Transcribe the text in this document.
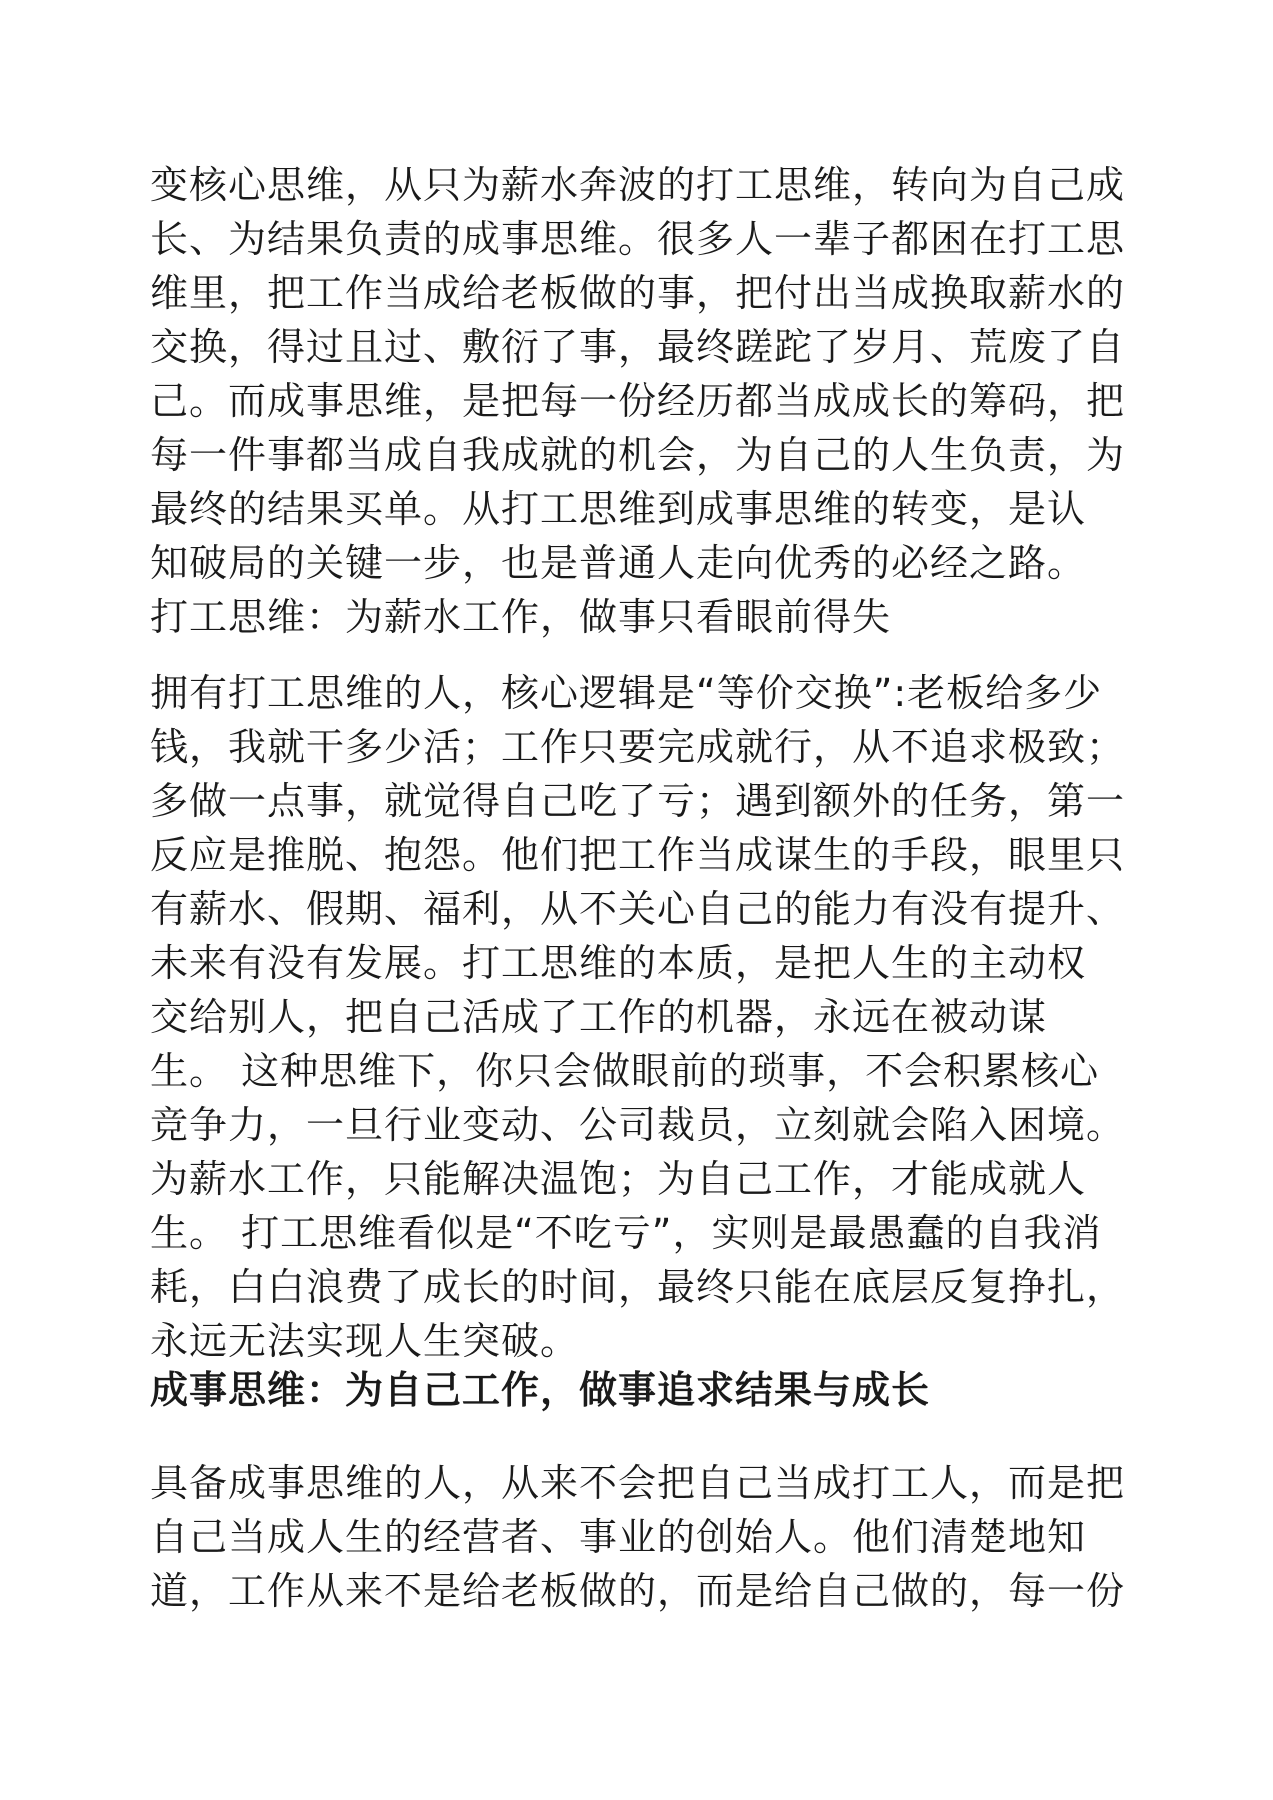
变核心思维，从只为薪水奔波的打工思维，转向为自己成
长、为结果负责的成事思维。很多人一辈子都困在打工思
维里，把工作当成给老板做的事，把付出当成换取薪水的
交换，得过且过、敷衍了事，最终蹉跎了岁月、荒废了自
己。而成事思维，是把每一份经历都当成成长的筹码，把
每一件事都当成自我成就的机会，为自己的人生负责，为
最终的结果买单。从打工思维到成事思维的转变，是认
知破局的关键一步，也是普通人走向优秀的必经之路。
打工思维：为薪水工作，做事只看眼前得失
拥有打工思维的人，核心逻辑是“等价交换”:老板给多少
钱，我就干多少活；工作只要完成就行，从不追求极致；
多做一点事，就觉得自己吃了亏；遇到额外的任务，第一
反应是推脱、抱怨。他们把工作当成谋生的手段，眼里只
有薪水、假期、福利，从不关心自己的能力有没有提升、
未来有没有发展。打工思维的本质，是把人生的主动权
交给别人，把自己活成了工作的机器，永远在被动谋
生。 这种思维下，你只会做眼前的琐事，不会积累核心
竞争力，一旦行业变动、公司裁员，立刻就会陷入困境。
为薪水工作，只能解决温饱；为自己工作，才能成就人
生。 打工思维看似是“不吃亏”，实则是最愚蠢的自我消
耗，白白浪费了成长的时间，最终只能在底层反复挣扎，
永远无法实现人生突破。
成事思维：为自己工作，做事追求结果与成长
具备成事思维的人，从来不会把自己当成打工人，而是把
自己当成人生的经营者、事业的创始人。他们清楚地知
道，工作从来不是给老板做的，而是给自己做的，每一份
